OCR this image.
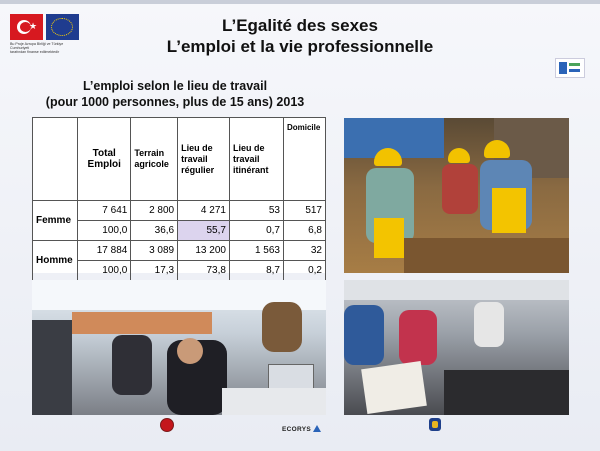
★
Bu Proje Avrupa Birliği ve Türkiye Cumhuriyeti
tarafından finanse edilmektedir
L’Egalité des sexes
L’emploi et la vie professionnelle
L’emploi selon le lieu de travail
(pour 1000 personnes, plus de 15 ans) 2013
	Total Emploi	Terrain agricole	Lieu de travail régulier	Lieu de travail itinérant	Domicile
Femme	7 641	2 800	4 271	53	517
	100,0	36,6	55,7	0,7	6,8
Homme	17 884	3 089	13 200	1 563	32
	100,0	17,3	73,8	8,7	0,2
ECORYS
